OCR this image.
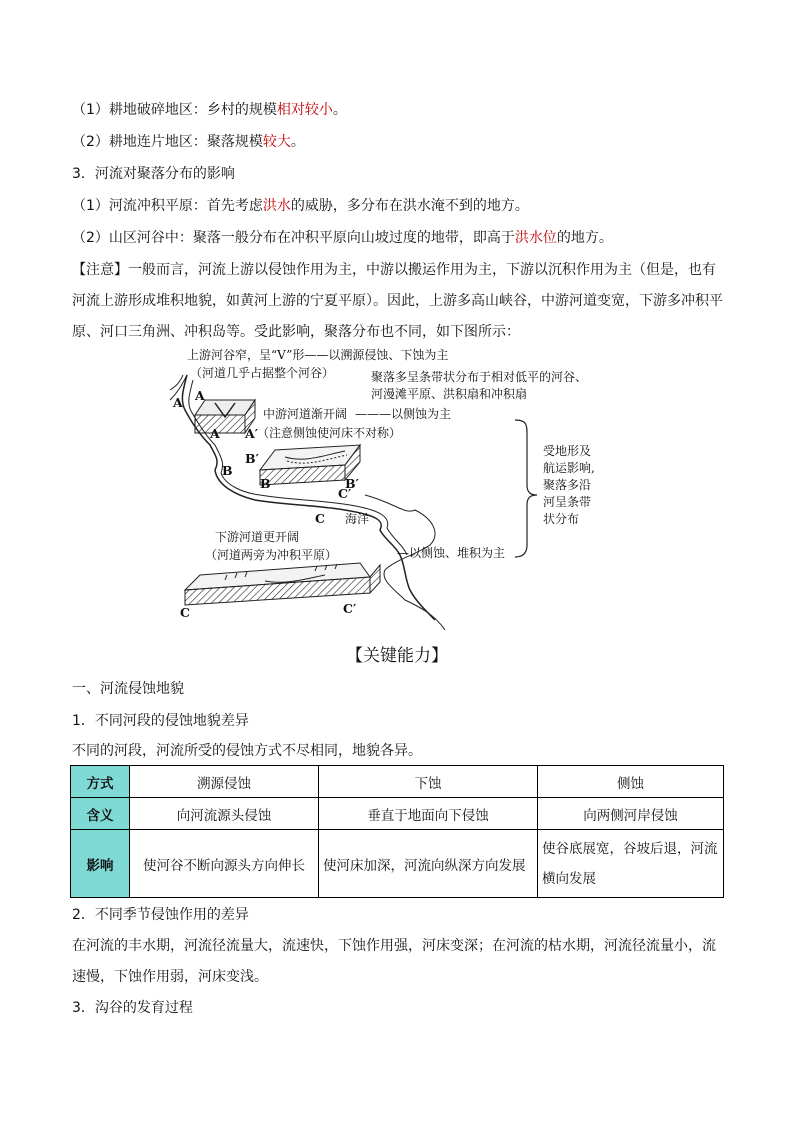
（1）耕地破碎地区：乡村的规模相对较小。
（2）耕地连片地区：聚落规模较大。
3．河流对聚落分布的影响
（1）河流冲积平原：首先考虑洪水的威胁，多分布在洪水淹不到的地方。
（2）山区河谷中：聚落一般分布在冲积平原向山坡过度的地带，即高于洪水位的地方。
【注意】一般而言，河流上游以侵蚀作用为主，中游以搬运作用为主，下游以沉积作用为主（但是，也有河流上游形成堆积地貌，如黄河上游的宁夏平原）。因此，上游多高山峡谷，中游河道变宽，下游多冲积平原、河口三角洲、冲积岛等。受此影响，聚落分布也不同，如下图所示：
A A
A A′
B
B′
B	B′
C′
C
C	C′
上游河谷窄，呈“V”形——以溯源侵蚀、下蚀为主
（河道几乎占据整个河谷）	聚落多呈条带状分布于相对低平的河谷、
河漫滩平原、洪积扇和冲积扇
中游河道渐开阔 ———以侧蚀为主
（注意侧蚀使河床不对称）
海洋
下游河道更开阔
（河道两旁为冲积平原）	—以侧蚀、堆积为主
受地形及
航运影响,
聚落多沿
河呈条带
状分布
【关键能力】
一、河流侵蚀地貌
1．不同河段的侵蚀地貌差异
不同的河段，河流所受的侵蚀方式不尽相同，地貌各异。
方式	溯源侵蚀	下蚀	侧蚀
含义	向河流源头侵蚀	垂直于地面向下侵蚀	向两侧河岸侵蚀
影响	使河谷不断向源头方向伸长	使河床加深，河流向纵深方向发展	使谷底展宽，谷坡后退，河流横向发展
2．不同季节侵蚀作用的差异
在河流的丰水期，河流径流量大，流速快，下蚀作用强，河床变深；在河流的枯水期，河流径流量小，流速慢，下蚀作用弱，河床变浅。
3．沟谷的发育过程
